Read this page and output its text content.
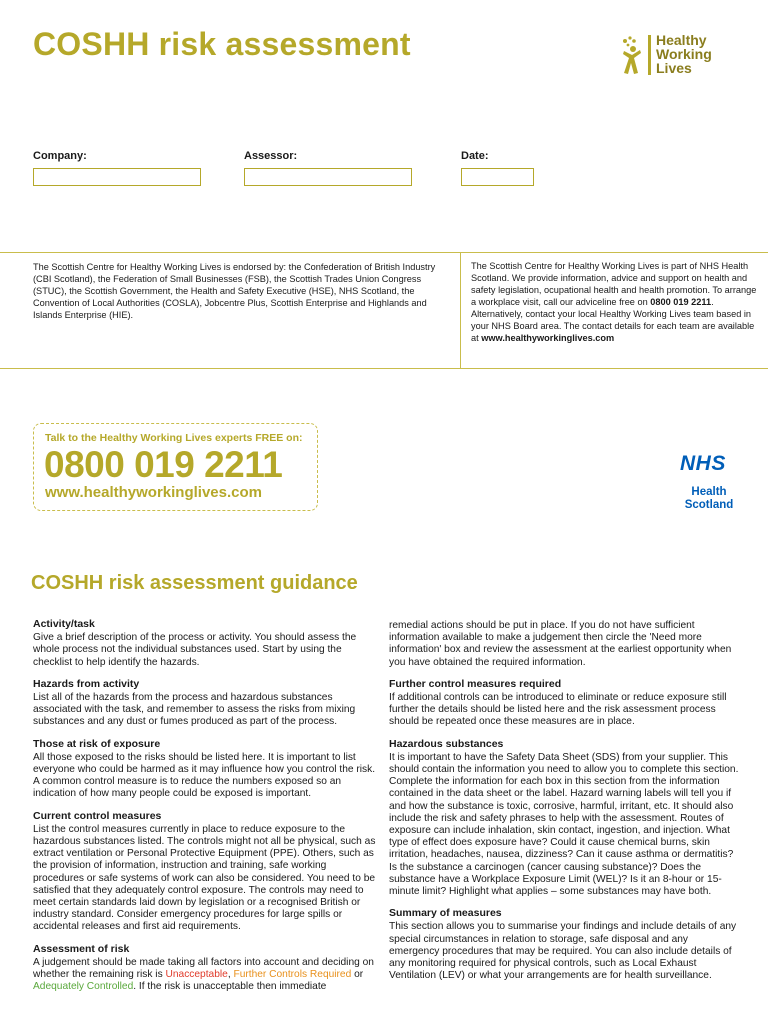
COSHH risk assessment	Healthy
Working
Lives
Company:	Assessor:	Date:
The Scottish Centre for Healthy Working Lives is endorsed by: the Confederation of British Industry (CBI Scotland), the Federation of Small Businesses (FSB), the Scottish Trades Union Congress (STUC), the Scottish Government, the Health and Safety Executive (HSE), NHS Scotland, the Convention of Local Authorities (COSLA), Jobcentre Plus, Scottish Enterprise and Highlands and Islands Enterprise (HIE).
The Scottish Centre for Healthy Working Lives is part of NHS Health Scotland. We provide information, advice and support on health and safety legislation, ocupational health and health promotion. To arrange a workplace visit, call our adviceline free on 0800 019 2211. Alternatively, contact your local Healthy Working Lives team based in your NHS Board area. The contact details for each team are available at www.healthyworkinglives.com
Talk to the Healthy Working Lives experts FREE on:
0800 019 2211
www.healthyworkinglives.com
NHS
Health
Scotland
COSHH risk assessment guidance
Activity/task

Give a brief description of the process or activity. You should assess the whole process not the individual substances used. Start by using the checklist to help identify the hazards.

Hazards from activity

List all of the hazards from the process and hazardous substances associated with the task, and remember to assess the risks from mixing substances and any dust or fumes produced as part of the process.

Those at risk of exposure

All those exposed to the risks should be listed here. It is important to list everyone who could be harmed as it may influence how you control the risk. A common control measure is to reduce the numbers exposed so an indication of how many people could be exposed is important.

Current control measures

List the control measures currently in place to reduce exposure to the hazardous substances listed. The controls might not all be physical, such as extract ventilation or Personal Protective Equipment (PPE). Others, such as the provision of information, instruction and training, safe working procedures or safe systems of work can also be considered. You need to be satisfied that they adequately control exposure. The controls may need to meet certain standards laid down by legislation or a recognised British or industry standard. Consider emergency procedures for large spills or accidental releases and first aid requirements.

Assessment of risk

A judgement should be made taking all factors into account and deciding on whether the remaining risk is Unacceptable, Further Controls Required or Adequately Controlled. If the risk is unacceptable then immediate

remedial actions should be put in place. If you do not have sufficient information available to make a judgement then circle the 'Need more information' box and review the assessment at the earliest opportunity when you have obtained the required information.

Further control measures required

If additional controls can be introduced to eliminate or reduce exposure still further the details should be listed here and the risk assessment process should be repeated once these measures are in place.

Hazardous substances

It is important to have the Safety Data Sheet (SDS) from your supplier. This should contain the information you need to allow you to complete this section. Complete the information for each box in this section from the information contained in the data sheet or the label. Hazard warning labels will tell you if and how the substance is toxic, corrosive, harmful, irritant, etc. It should also include the risk and safety phrases to help with the assessment. Routes of exposure can include inhalation, skin contact, ingestion, and injection. What type of effect does exposure have? Could it cause chemical burns, skin irritation, headaches, nausea, dizziness? Can it cause asthma or dermatitis? Is the substance a carcinogen (cancer causing substance)? Does the substance have a Workplace Exposure Limit (WEL)? Is it an 8-hour or 15-minute limit? Highlight what applies – some substances may have both.

Summary of measures

This section allows you to summarise your findings and include details of any special circumstances in relation to storage, safe disposal and any emergency procedures that may be required. You can also include details of any monitoring required for physical controls, such as Local Exhaust Ventilation (LEV) or what your arrangements are for health surveillance.
